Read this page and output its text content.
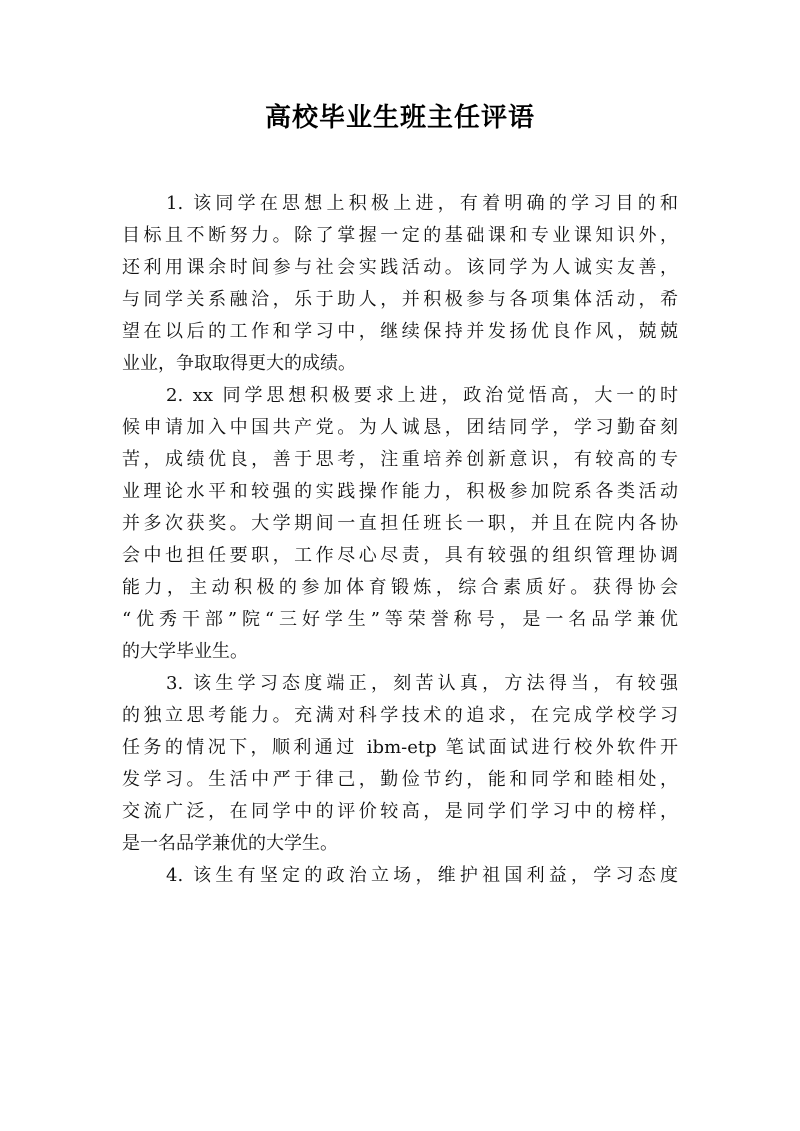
高校毕业生班主任评语
1. 该同学在思想上积极上进，有着明确的学习目的和
目标且不断努力。除了掌握一定的基础课和专业课知识外，
还利用课余时间参与社会实践活动。该同学为人诚实友善，
与同学关系融洽，乐于助人，并积极参与各项集体活动，希
望在以后的工作和学习中，继续保持并发扬优良作风，兢兢
业业，争取取得更大的成绩。
2. xx 同学思想积极要求上进，政治觉悟高，大一的时
候申请加入中国共产党。为人诚恳，团结同学，学习勤奋刻
苦，成绩优良，善于思考，注重培养创新意识，有较高的专
业理论水平和较强的实践操作能力，积极参加院系各类活动
并多次获奖。大学期间一直担任班长一职，并且在院内各协
会中也担任要职，工作尽心尽责，具有较强的组织管理协调
能力，主动积极的参加体育锻炼，综合素质好。获得协会
“优秀干部”院“三好学生”等荣誉称号，是一名品学兼优
的大学毕业生。
3. 该生学习态度端正，刻苦认真，方法得当，有较强
的独立思考能力。充满对科学技术的追求，在完成学校学习
任务的情况下，顺利通过 ibm-etp 笔试面试进行校外软件开
发学习。生活中严于律己，勤俭节约，能和同学和睦相处，
交流广泛，在同学中的评价较高，是同学们学习中的榜样，
是一名品学兼优的大学生。
4. 该生有坚定的政治立场，维护祖国利益，学习态度
